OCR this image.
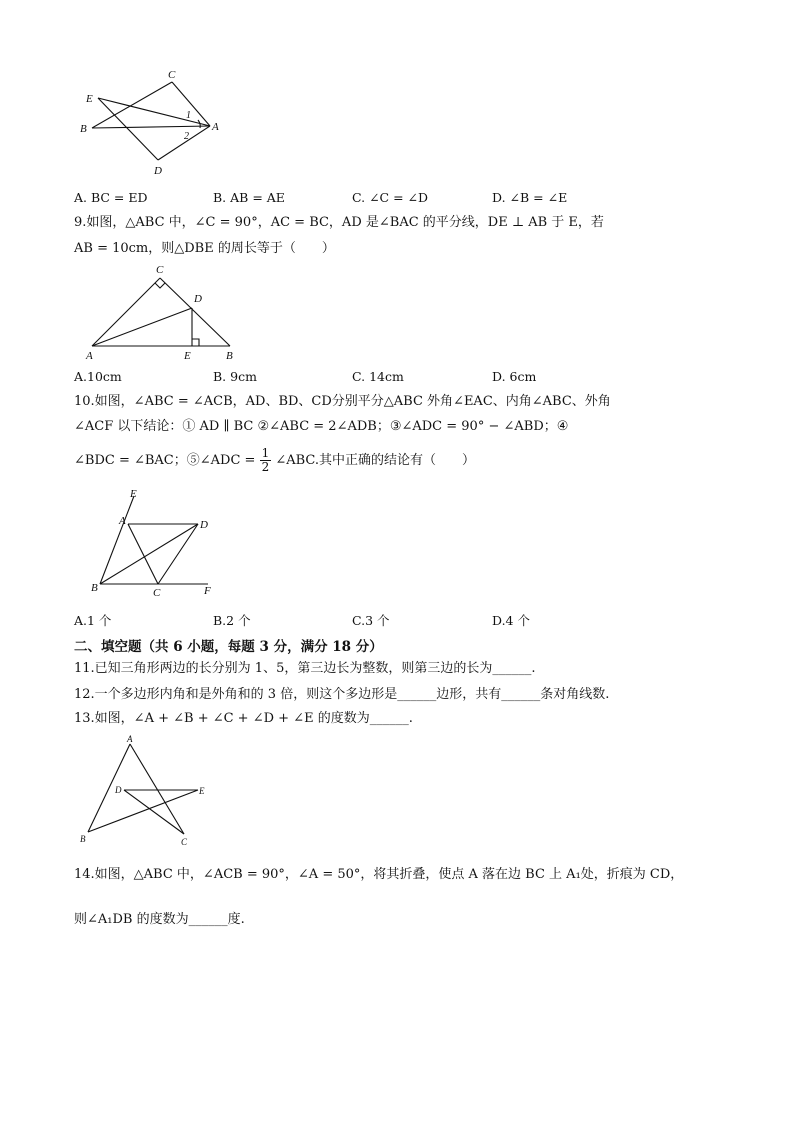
C
E
B	A
D
1
2
A. BC = ED	B. AB = AE	C. ∠C = ∠D	D. ∠B = ∠E
9.如图，△ABC 中，∠C = 90°，AC = BC，AD 是∠BAC 的平分线，DE ⊥ AB 于 E，若
AB = 10cm，则△DBE 的周长等于（　　）
C
D
A	E	B
A.10cm	B. 9cm	C. 14cm	D. 6cm
10.如图，∠ABC = ∠ACB，AD、BD、CD分别平分△ABC 外角∠EAC、内角∠ABC、外角
∠ACF 以下结论：① AD ∥ BC ②∠ABC = 2∠ADB；③∠ADC = 90° − ∠ABD；④
∠BDC = ∠BAC；⑤∠ADC = $\frac{1}{2}$ ∠ABC.其中正确的结论有（　　）
E
A	D
B	C	F
A.1 个	B.2 个	C.3 个	D.4 个
二、填空题（共 6 小题，每题 3 分，满分 18 分）
11.已知三角形两边的长分别为 1、5，第三边长为整数，则第三边的长为______.
12.一个多边形内角和是外角和的 3 倍，则这个多边形是______边形，共有______条对角线数.
13.如图，∠A + ∠B + ∠C + ∠D + ∠E 的度数为______.
A
D	E
B	C
14.如图，△ABC 中，∠ACB = 90°，∠A = 50°，将其折叠，使点 A 落在边 BC 上 A₁处，折痕为 CD，
则∠A₁DB 的度数为______度.
